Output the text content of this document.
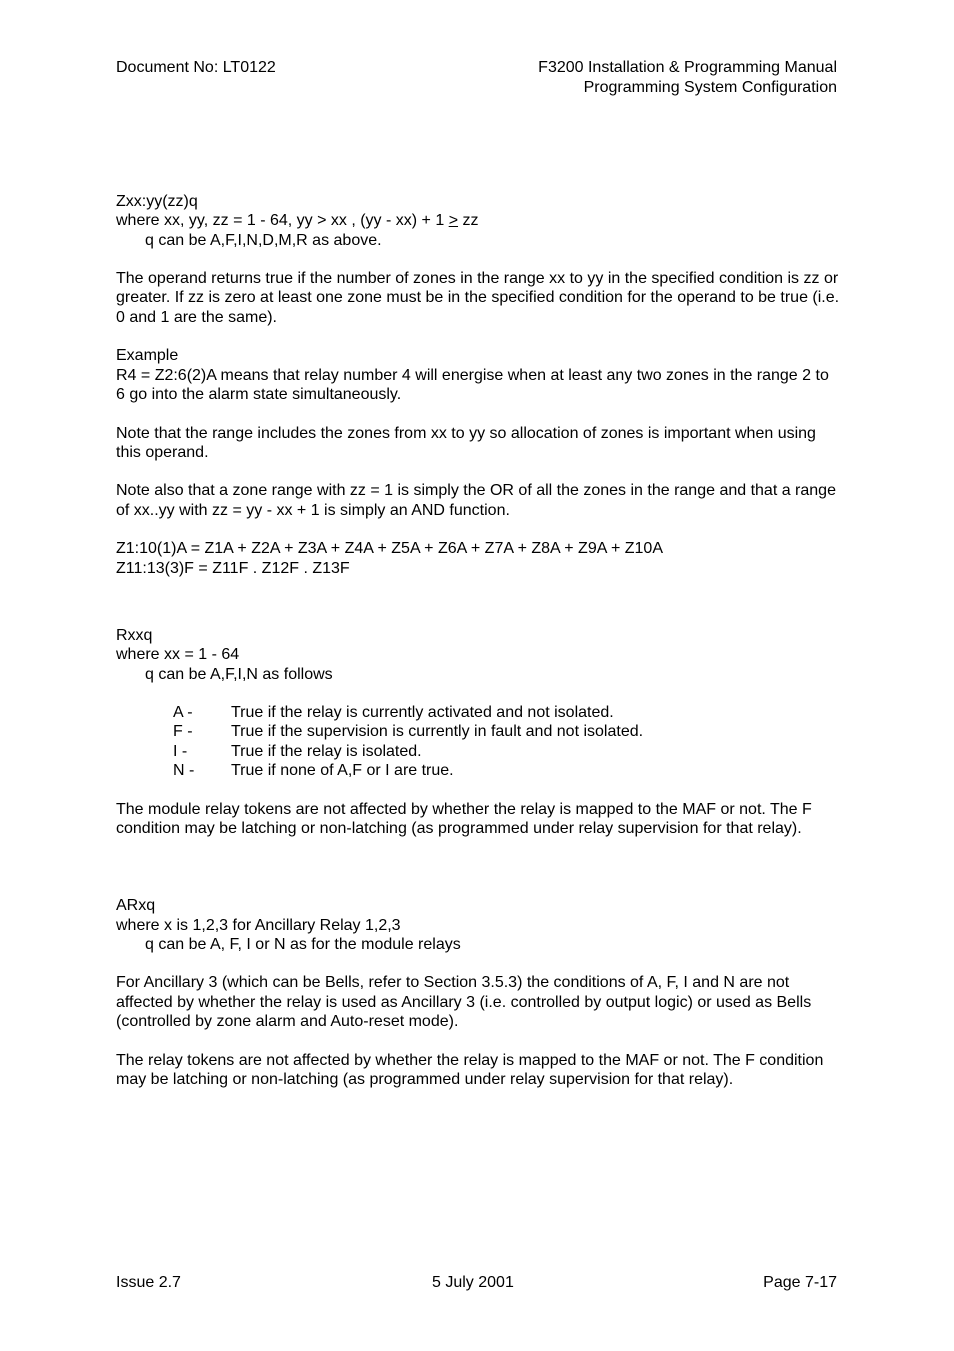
Document No: LT0122	F3200 Installation & Programming Manual
Programming System Configuration
Zxx:yy(zz)q
where xx, yy, zz = 1 - 64, yy > xx , (yy - xx) + 1 > zz
q can be A,F,I,N,D,M,R as above.

The operand returns true if the number of zones in the range xx to yy in the specified condition is zz or greater. If zz is zero at least one zone must be in the specified condition for the operand to be true (i.e. 0 and 1 are the same).

Example

R4 = Z2:6(2)A means that relay number 4 will energise when at least any two zones in the range 2 to 6 go into the alarm state simultaneously.

Note that the range includes the zones from xx to yy so allocation of zones is important when using this operand.

Note also that a zone range with zz = 1 is simply the OR of all the zones in the range and that a range of xx..yy with zz = yy - xx + 1 is simply an AND function.

Z1:10(1)A = Z1A + Z2A + Z3A + Z4A + Z5A + Z6A + Z7A + Z8A + Z9A + Z10A
Z11:13(3)F = Z11F . Z12F . Z13F
Rxxq
where xx = 1 - 64
q can be A,F,I,N as follows
A -	True if the relay is currently activated and not isolated.
F -	True if the supervision is currently in fault and not isolated.
I -	True if the relay is isolated.
N -	True if none of A,F or I are true.

The module relay tokens are not affected by whether the relay is mapped to the MAF or not. The F condition may be latching or non-latching (as programmed under relay supervision for that relay).

ARxq
where x is 1,2,3 for Ancillary Relay 1,2,3
q can be A, F, I or N as for the module relays

For Ancillary 3 (which can be Bells, refer to Section 3.5.3) the conditions of A, F, I and N are not affected by whether the relay is used as Ancillary 3 (i.e. controlled by output logic) or used as Bells (controlled by zone alarm and Auto-reset mode).

The relay tokens are not affected by whether the relay is mapped to the MAF or not. The F condition may be latching or non-latching (as programmed under relay supervision for that relay).

Issue 2.7	5 July 2001	Page 7-17
